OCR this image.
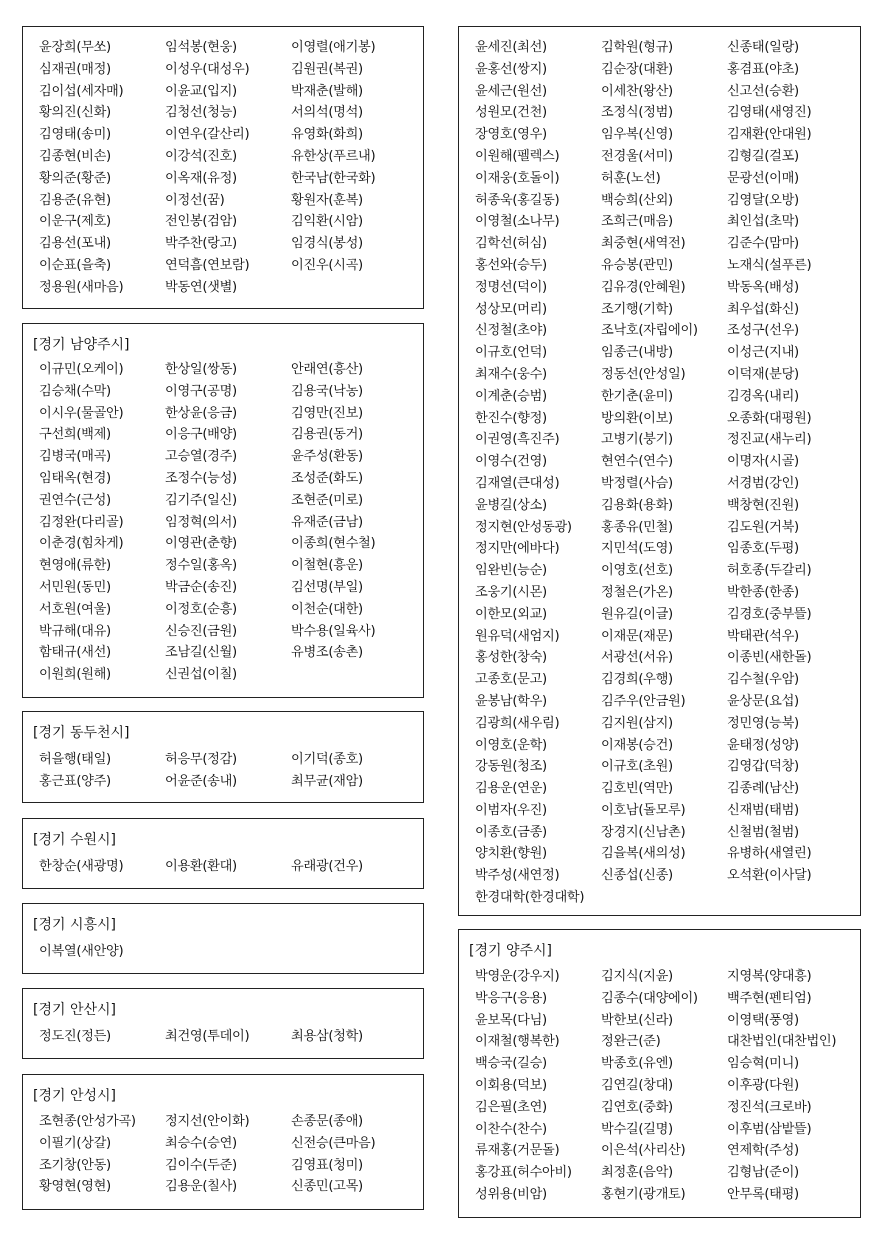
윤장희(무쏘)	임석봉(현웅)	이영렬(애기봉)
심재권(매정)	이성우(대성우)	김원권(복권)
김이섭(세자매)	이윤교(입지)	박재춘(발해)
황의진(신화)	김청선(청능)	서의석(명석)
김영태(송미)	이연우(갈산리)	유영화(화희)
김종현(비손)	이강석(진호)	유한상(푸르내)
황의준(황준)	이옥재(유정)	한국남(한국화)
김용준(유현)	이정선(꿈)	황원자(훈복)
이운구(제호)	전인봉(검암)	김익환(시암)
김용선(포내)	박주찬(랑고)	임경식(봉성)
이순표(을축)	연덕흠(연보람)	이진우(시곡)
정용원(새마음)	박동연(샛별)
[경기 남양주시]
이규민(오케이)	한상일(쌍동)	안래연(흥산)
김승채(수막)	이영구(공명)	김용국(낙농)
이시우(물골안)	한상윤(응금)	김영만(진보)
구선희(백제)	이응구(배양)	김용권(동거)
김병국(매곡)	고승열(경주)	윤주성(환동)
임태옥(현경)	조정수(능성)	조성준(화도)
권연수(근성)	김기주(일신)	조현준(미로)
김정완(다리골)	임정혁(의서)	유재준(금남)
이춘경(힘차게)	이영관(춘향)	이종희(현수철)
현영애(류한)	정수일(홍옥)	이철현(흥운)
서민원(동민)	박금순(송진)	김선명(부일)
서호원(여울)	이정호(순흥)	이천순(대한)
박규해(대유)	신승진(금원)	박수용(일육사)
함태규(새선)	조남길(신월)	유병조(송촌)
이원희(원해)	신권섭(이칠)
[경기 동두천시]
허을행(태일)	허응무(정감)	이기덕(종호)
홍근표(양주)	어윤준(송내)	최무균(재암)
[경기 수원시]
한창순(새광명)	이용환(환대)	유래광(건우)
[경기 시흥시]
이복열(새안양)
[경기 안산시]
정도진(정든)	최건영(투데이)	최용삼(청학)
[경기 안성시]
조현종(안성가곡)	정지선(안이화)	손종문(종애)
이필기(상갈)	최승수(승연)	신전승(큰마음)
조기창(안동)	김이수(두준)	김영표(청미)
황영현(영현)	김용운(칠사)	신종민(고목)
윤세진(최선)	김학원(형규)	신종태(일랑)
윤홍선(쌍지)	김순장(대환)	홍겸표(야초)
윤세근(원선)	이세찬(왕산)	신고선(승환)
성원모(건천)	조정식(정범)	김영태(새영진)
장영호(영우)	임우복(신영)	김재환(안대원)
이원해(펠렉스)	전경울(서미)	김형길(걸포)
이재웅(호돌이)	허훈(노선)	문광선(이매)
허종욱(홍길동)	백승희(산외)	김영달(오방)
이영철(소나무)	조희근(매음)	최인섭(초막)
김학선(허심)	최중현(새역전)	김준수(맘마)
홍선와(승두)	유승봉(관민)	노재식(설푸른)
정명선(덕이)	김유경(안혜원)	박동옥(배성)
성상모(머리)	조기행(기학)	최우섭(화신)
신정철(초야)	조낙호(자립에이)	조성구(선우)
이규호(언덕)	임종근(내방)	이성근(지내)
최재수(웅수)	정동선(안성일)	이덕재(분당)
이계춘(승범)	한기춘(윤미)	김경옥(내리)
한진수(향정)	방의환(이보)	오종화(대평원)
이권영(흑진주)	고병기(붕기)	정진교(새누리)
이영수(건영)	현연수(연수)	이명자(시골)
김재열(큰대성)	박정렬(사슴)	서경범(강인)
윤병길(상소)	김용화(용화)	백창현(진원)
정지현(안성동광)	홍종유(민철)	김도원(거북)
정지만(에바다)	지민석(도영)	임종호(두평)
임완빈(능순)	이영호(선호)	허호종(두갈리)
조웅기(시몬)	정철은(가온)	박한종(한종)
이한모(외교)	원유길(이글)	김경호(중부뜰)
원유덕(새엄지)	이재문(재문)	박태관(석우)
홍성한(창숙)	서광선(서유)	이종빈(새한돌)
고종호(문고)	김경희(우행)	김수철(우암)
윤봉남(학우)	김주우(안금원)	윤상문(요섭)
김광희(새우림)	김지원(삼지)	정민영(능북)
이영호(운학)	이재봉(승건)	윤태정(성양)
강동원(청조)	이규호(초원)	김영갑(덕창)
김용운(연운)	김호빈(역만)	김종례(남산)
이범자(우진)	이호남(돌모루)	신재범(태범)
이종호(금종)	장경지(신남촌)	신철범(철범)
양치환(향원)	김을복(새의성)	유병하(새열린)
박주성(새연정)	신종섭(신종)	오석환(이사달)
한경대학(한경대학)
[경기 양주시]
박영운(강우지)	김지식(지윤)	지영복(양대흥)
박응구(응용)	김종수(대양에이)	백주현(펜티엄)
윤보목(다님)	박한보(신라)	이영택(풍영)
이재철(행복한)	정완근(준)	대찬법인(대찬법인)
백승국(길승)	박종호(유엔)	임승혁(미니)
이회용(덕보)	김연길(창대)	이후광(다원)
김은필(초연)	김연호(중화)	정진석(크로바)
이찬수(찬수)	박수길(길명)	이후범(삼밭뜰)
류재홍(거문돌)	이은석(사리산)	연제학(주성)
홍강표(허수아비)	최정훈(음악)	김형남(준이)
성위용(비암)	홍현기(광개토)	안무록(태평)
